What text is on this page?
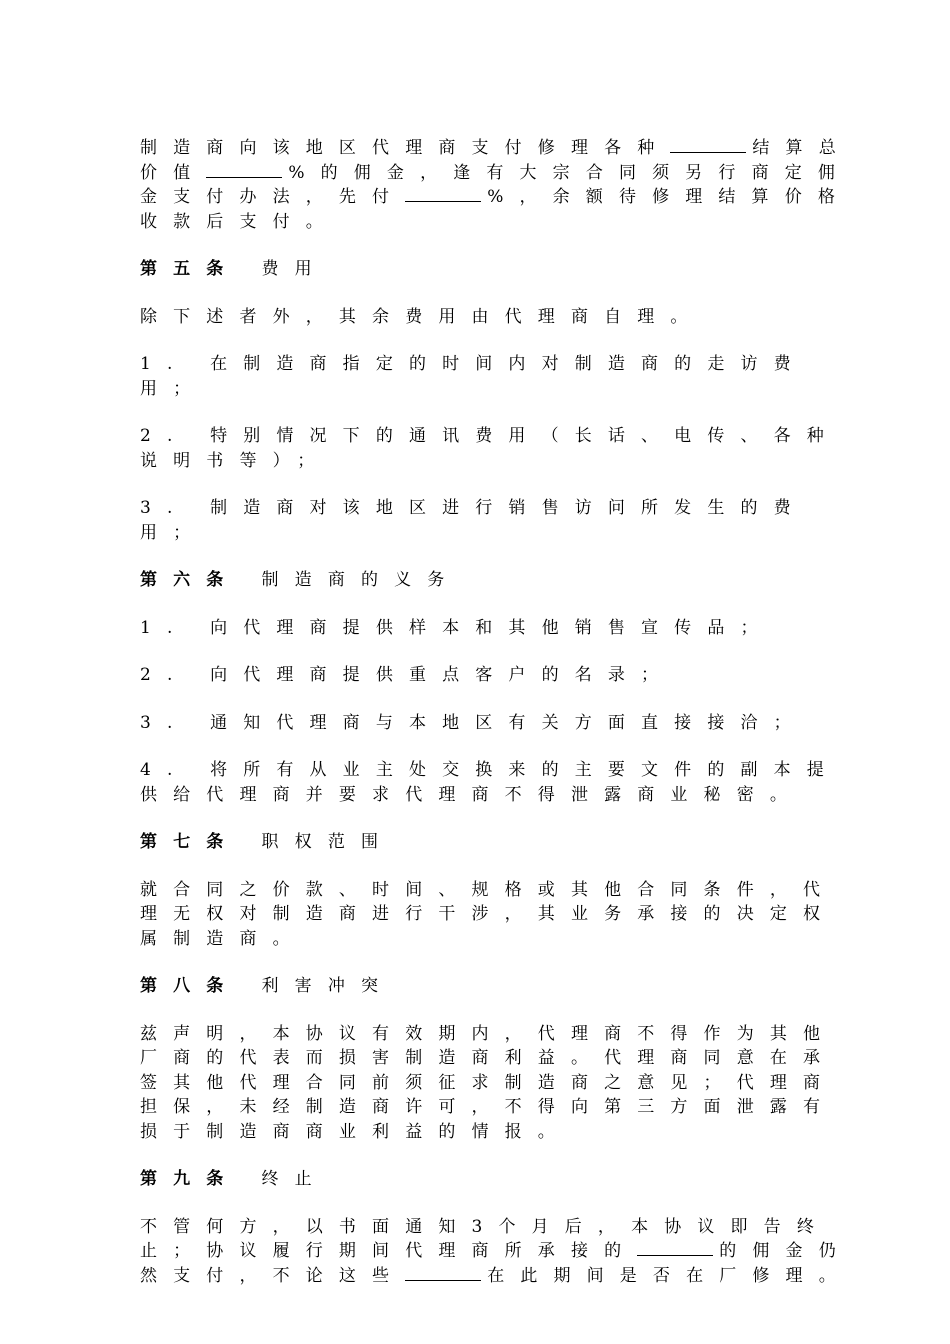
制造商向该地区代理商支付修理各种	结算总
价值	%的佣金，逢有大宗合同须另行商定佣
金支付办法，先付	%，余额待修理结算价格
收款后支付。

第五条 费用

除下述者外，其余费用由代理商自理。

1. 在制造商指定的时间内对制造商的走访费用；

2. 特别情况下的通讯费用（长话、电传、各种说明书等）；

3. 制造商对该地区进行销售访问所发生的费用；

第六条 制造商的义务

1. 向代理商提供样本和其他销售宣传品；

2. 向代理商提供重点客户的名录；

3. 通知代理商与本地区有关方面直接接洽；

4. 将所有从业主处交换来的主要文件的副本提供给代理商并要求代理商不得泄露商业秘密。

第七条 职权范围

就合同之价款、时间、规格或其他合同条件，代理无权对制造商进行干涉，其业务承接的决定权属制造商。

第八条 利害冲突

兹声明，本协议有效期内，代理商不得作为其他厂商的代表而损害制造商利益。代理商同意在承签其他代理合同前须征求制造商之意见；代理商担保，未经制造商许可，不得向第三方面泄露有损于制造商商业利益的情报。

第九条 终止

不管何方，以书面通知3个月后，本协议即告终止；协议履行期间代理商所承接的	的佣金仍然支付，不论这些	在此期间是否在厂修理。
